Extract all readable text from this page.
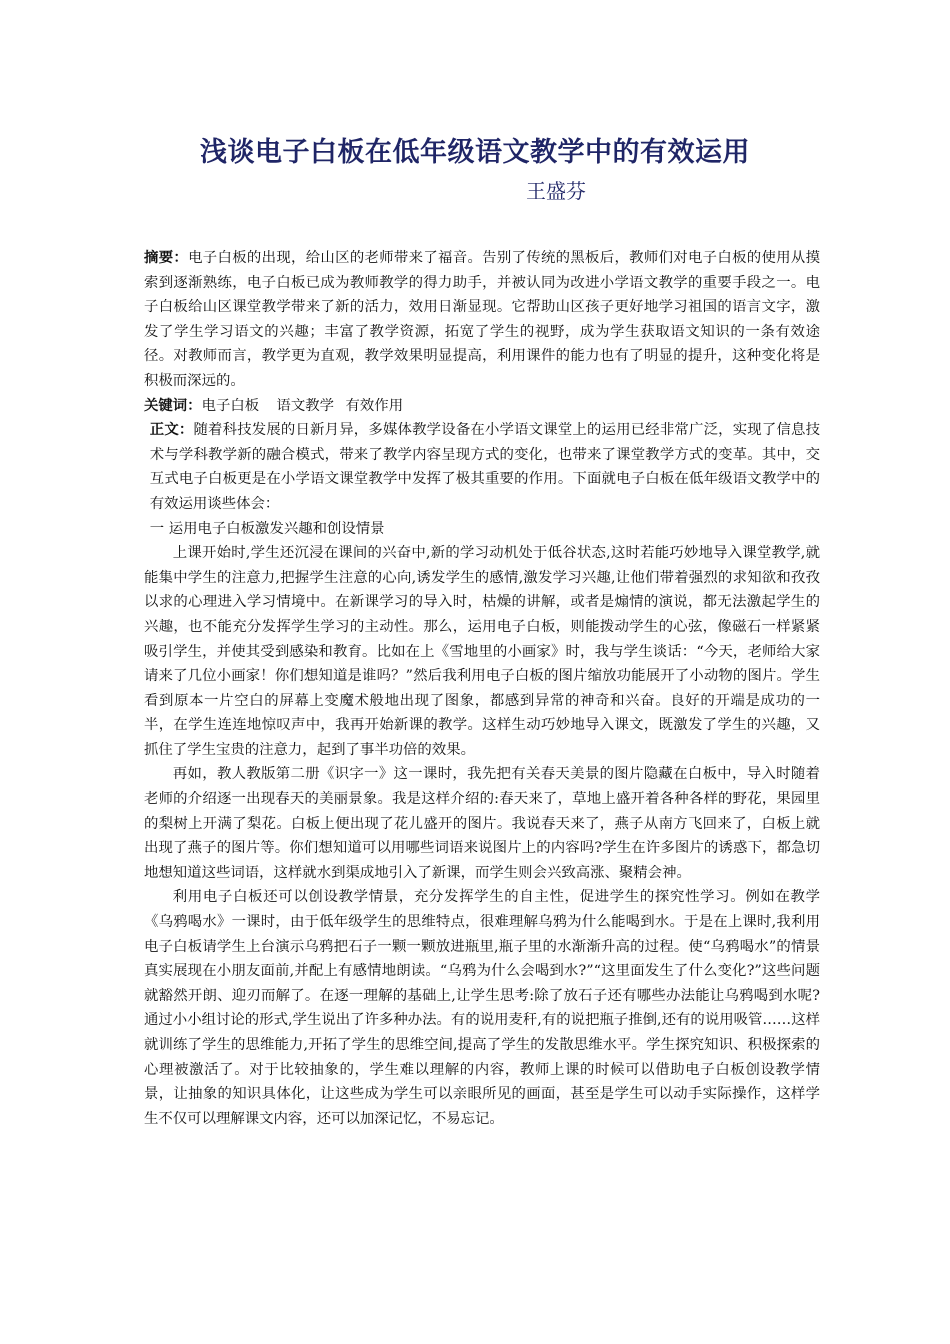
浅谈电子白板在低年级语文教学中的有效运用
王盛芬

摘要：电子白板的出现，给山区的老师带来了福音。告别了传统的黑板后，教师们对电子白板的使用从摸索到逐渐熟练，电子白板已成为教师教学的得力助手，并被认同为改进小学语文教学的重要手段之一。电子白板给山区课堂教学带来了新的活力，效用日渐显现。它帮助山区孩子更好地学习祖国的语言文字，激发了学生学习语文的兴趣；丰富了教学资源，拓宽了学生的视野，成为学生获取语文知识的一条有效途径。对教师而言，教学更为直观，教学效果明显提高，利用课件的能力也有了明显的提升，这种变化将是积极而深远的。

关键词：电子白板 语文教学 有效作用

正文：随着科技发展的日新月异，多媒体教学设备在小学语文课堂上的运用已经非常广泛，实现了信息技术与学科教学新的融合模式，带来了教学内容呈现方式的变化，也带来了课堂教学方式的变革。其中，交互式电子白板更是在小学语文课堂教学中发挥了极其重要的作用。下面就电子白板在低年级语文教学中的有效运用谈些体会：

一 运用电子白板激发兴趣和创设情景

上课开始时,学生还沉浸在课间的兴奋中,新的学习动机处于低谷状态,这时若能巧妙地导入课堂教学,就能集中学生的注意力,把握学生注意的心向,诱发学生的感情,激发学习兴趣,让他们带着强烈的求知欲和孜孜以求的心理进入学习情境中。在新课学习的导入时，枯燥的讲解，或者是煽情的演说，都无法激起学生的兴趣，也不能充分发挥学生学习的主动性。那么，运用电子白板，则能拨动学生的心弦，像磁石一样紧紧吸引学生，并使其受到感染和教育。比如在上《雪地里的小画家》时，我与学生谈话：“今天，老师给大家请来了几位小画家！你们想知道是谁吗？”然后我利用电子白板的图片缩放功能展开了小动物的图片。学生看到原本一片空白的屏幕上变魔术般地出现了图象，都感到异常的神奇和兴奋。良好的开端是成功的一半，在学生连连地惊叹声中，我再开始新课的教学。这样生动巧妙地导入课文，既激发了学生的兴趣，又抓住了学生宝贵的注意力，起到了事半功倍的效果。

再如，教人教版第二册《识字一》这一课时，我先把有关春天美景的图片隐藏在白板中，导入时随着老师的介绍逐一出现春天的美丽景象。我是这样介绍的:春天来了，草地上盛开着各种各样的野花，果园里的梨树上开满了梨花。白板上便出现了花儿盛开的图片。我说春天来了，燕子从南方飞回来了，白板上就出现了燕子的图片等。你们想知道可以用哪些词语来说图片上的内容吗?学生在许多图片的诱惑下，都急切地想知道这些词语，这样就水到渠成地引入了新课，而学生则会兴致高涨、聚精会神。

利用电子白板还可以创设教学情景，充分发挥学生的自主性，促进学生的探究性学习。例如在教学《乌鸦喝水》一课时，由于低年级学生的思维特点，很难理解乌鸦为什么能喝到水。于是在上课时,我利用电子白板请学生上台演示乌鸦把石子一颗一颗放进瓶里,瓶子里的水渐渐升高的过程。使“乌鸦喝水”的情景真实展现在小朋友面前,并配上有感情地朗读。“乌鸦为什么会喝到水?”“这里面发生了什么变化?”这些问题就豁然开朗、迎刃而解了。在逐一理解的基础上,让学生思考:除了放石子还有哪些办法能让乌鸦喝到水呢?通过小小组讨论的形式,学生说出了许多种办法。有的说用麦秆,有的说把瓶子推倒,还有的说用吸管……这样就训练了学生的思维能力,开拓了学生的思维空间,提高了学生的发散思维水平。学生探究知识、积极探索的心理被激活了。对于比较抽象的，学生难以理解的内容，教师上课的时候可以借助电子白板创设教学情景，让抽象的知识具体化，让这些成为学生可以亲眼所见的画面，甚至是学生可以动手实际操作，这样学生不仅可以理解课文内容，还可以加深记忆，不易忘记。
